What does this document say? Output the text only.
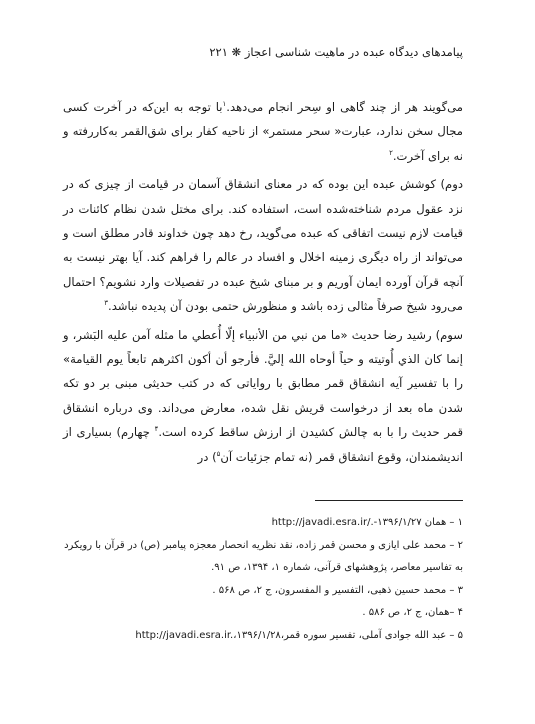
پیامدهای دیدگاه عبده در ماهیت شناسی اعجاز ❋ ۲۲۱

می‌گویند هر از چند گاهی او سِحر انجام می‌دهد.$^۱$با توجه به این‌که در آخرت کسی مجال سخن ندارد، عبارت« سحر مستمر» از ناحیه کفار برای شق‌القمر به‌کاررفته و نه برای آخرت.$^۲$

دوم) کوشش عبده این بوده که در معنای انشقاق آسمان در قیامت از چیزی که در نزد عقول مردم شناخته‌شده است، استفاده کند. برای مختل شدن نظام کائنات در قیامت لازم نیست اتفاقی که عبده می‌گوید، رخ دهد چون خداوند قادر مطلق است و می‌تواند از راه دیگری زمینه اخلال و افساد در عالم را فراهم کند. آیا بهتر نیست به آنچه قرآن آورده ایمان آوریم و بر مبنای شیخ عبده در تفصیلات وارد نشویم؟ احتمال می‌رود شیخ صرفاً مثالی زده باشد و منظورش حتمی بودن آن پدیده نباشد.$^۳$

سوم) رشید رضا حدیث «ما من نبي من الأنبياء إلّا أُعطي ما مثله آمن عليه البَشر، و إنما كان الذي أُوتيته و حياً أوحاه الله إليَّ. فأرجو أن أكون اكثرهم تابعاً يوم القيامة» را با تفسیر آیه انشقاق قمر مطابق با روایاتی که در کتب حدیثی مبنی بر دو تکه شدن ماه بعد از درخواست قریش نقل شده، معارض می‌داند. وی درباره انشقاق قمر حدیث را با به چالش کشیدن از ارزش ساقط کرده است.$^۴$ چهارم) بسیاری از اندیشمندان، وقوع انشقاق قمر (نه تمام جزئیات آن$^۵$) در

۱ – همان ۱۳۹۶/۱/۲۷-http://javadi.esra.ir/.

۲ – محمد علی ایازی و محسن قمر زاده، نقد نظریه انحصار معجزه پیامبر (ص) در قرآن با رویکرد به تفاسیر معاصر، پژوهشهای قرآنی، شماره ۱، ۱۳۹۴، ص ۹۱.

۳ – محمد حسین ذهبی، التفسیر و المفسرون، ج ۲، ص ۵۶۸ .

۴ –همان، ج ۲، ص ۵۸۶ .

۵ – عبد الله جوادی آملی، تفسیر سوره قمر،۱۳۹۶/۱/۲۸،http://javadi.esra.ir.
